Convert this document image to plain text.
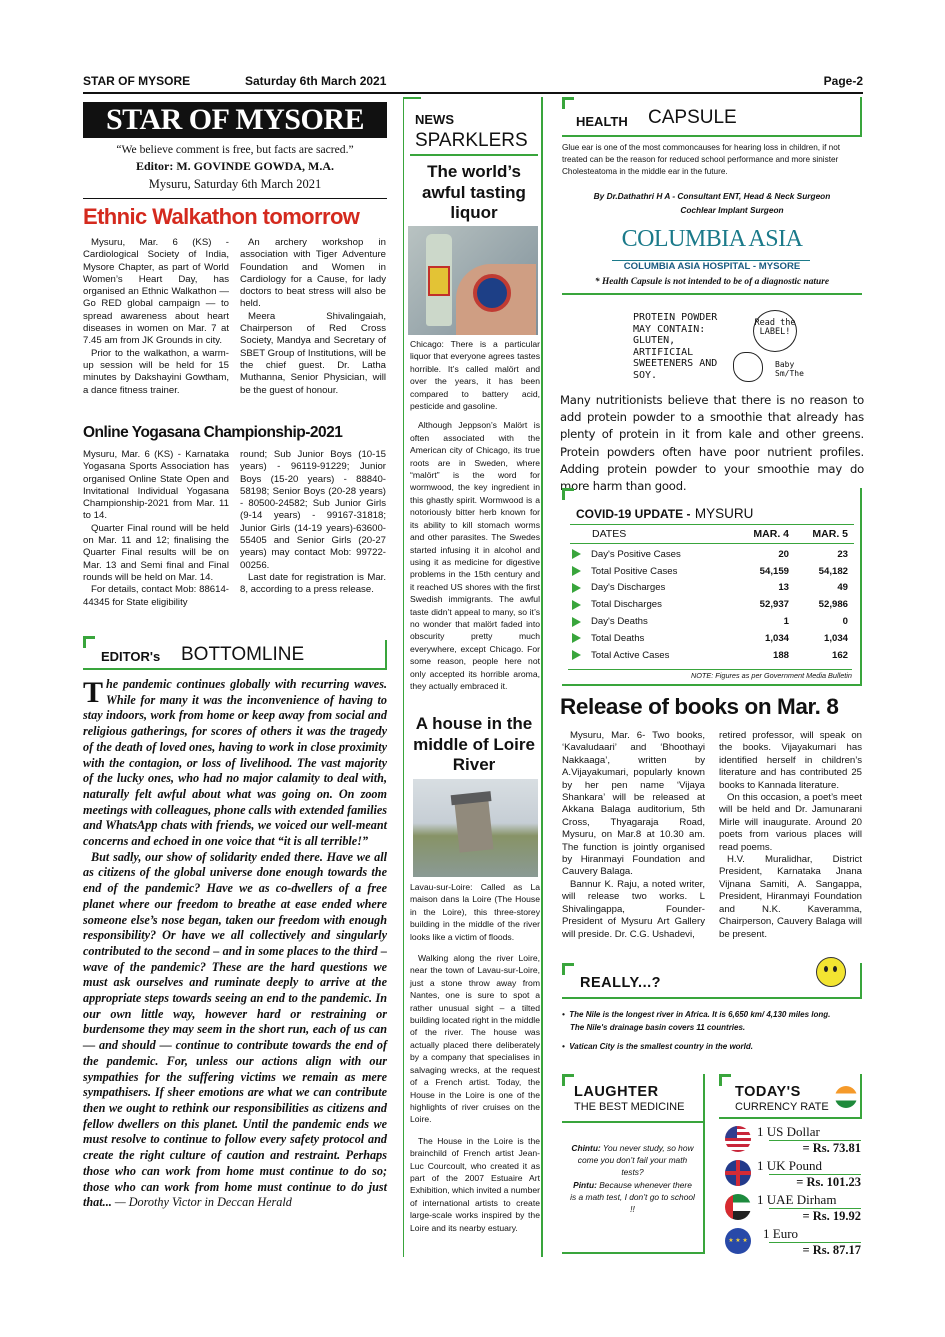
STAR OF MYSORE	Saturday 6th March 2021	Page-2
STAR OF MYSORE
“We believe comment is free, but facts are sacred.”
Editor: M. GOVINDE GOWDA, M.A.
Mysuru, Saturday 6th March 2021
Ethnic Walkathon tomorrow

Mysuru, Mar. 6 (KS) - Cardiological Society of India, Mysore Chapter, as part of World Women’s Heart Day, has organised an Ethnic Walkathon — Go RED global campaign — to spread awareness about heart diseases in women on Mar. 7 at 7.45 am from JK Grounds in city.

Prior to the walkathon, a warm-up session will be held for 15 minutes by Dakshayini Gowtham, a dance fitness trainer.

An archery workshop in association with Tiger Adventure Foundation and Women in Cardiology for a Cause, for lady doctors to beat stress will also be held.

Meera Shivalingaiah, Chairperson of Red Cross Society, Mandya and Secretary of SBET Group of Institutions, will be the chief guest. Dr. Latha Muthanna, Senior Physician, will be the guest of honour.

Online Yogasana Championship-2021

Mysuru, Mar. 6 (KS) - Karnataka Yogasana Sports Association has organised Online State Open and Invitational Individual Yogasana Championship-2021 from Mar. 11 to 14.

Quarter Final round will be held on Mar. 11 and 12; finalising the Quarter Final results will be on Mar. 13 and Semi final and Final rounds will be held on Mar. 14.

For details, contact Mob: 88614-44345 for State eligibility

round; Sub Junior Boys (10-15 years) - 96119-91229; Junior Boys (15-20 years) - 88840-58198; Senior Boys (20-28 years) - 80500-24582; Sub Junior Girls (9-14 years) - 99167-31818; Junior Girls (14-19 years)-63600-55405 and Senior Girls (20-27 years) may contact Mob: 99722-00256.

Last date for registration is Mar. 8, according to a press release.

EDITOR's BOTTOMLINE

The pandemic continues globally with recurring waves. While for many it was the inconvenience of having to stay indoors, work from home or keep away from social and religious gatherings, for scores of others it was the tragedy of the death of loved ones, having to work in close proximity with the contagion, or loss of livelihood. The vast majority of the lucky ones, who had no major calamity to deal with, naturally felt awful about what was going on. On zoom meetings with colleagues, phone calls with extended families and WhatsApp chats with friends, we voiced our well-meant concerns and echoed in one voice that “it is all terrible!”

But sadly, our show of solidarity ended there. Have we all as citizens of the global universe done enough towards the end of the pandemic? Have we as co-dwellers of a free planet where our freedom to breathe at ease ended where someone else’s nose began, taken our freedom with enough responsibility? Or have we all collectively and singularly contributed to the second – and in some places to the third – wave of the pandemic? These are the hard questions we must ask ourselves and ruminate deeply to arrive at the appropriate steps towards seeing an end to the pandemic. In our own little way, however hard or restraining or burdensome they may seem in the short run, each of us can — and should — continue to contribute towards the end of the pandemic. For, unless our actions align with our sympathies for the suffering victims we remain as mere sympathisers. If sheer emotions are what we can contribute then we ought to rethink our responsibilities as citizens and fellow dwellers on this planet. Until the pandemic ends we must resolve to continue to follow every safety protocol and create the right culture of caution and restraint. Perhaps those who can work from home must continue to do so; those who can work from home must continue to do just that... — Dorothy Victor in Deccan Herald

NEWS
SPARKLERS
The world’s awful tasting liquor

Chicago: There is a particular liquor that everyone agrees tastes horrible. It’s called malört and over the years, it has been compared to battery acid, pesticide and gasoline.

Although Jeppson’s Malört is often associated with the American city of Chicago, its true roots are in Sweden, where “malört” is the word for wormwood, the key ingredient in this ghastly spirit. Wormwood is a notoriously bitter herb known for its ability to kill stomach worms and other parasites. The Swedes started infusing it in alcohol and using it as medicine for digestive problems in the 15th century and it reached US shores with the first Swedish immigrants. The awful taste didn’t appeal to many, so it’s no wonder that malört faded into obscurity pretty much everywhere, except Chicago. For some reason, people here not only accepted its horrible aroma, they actually embraced it.

A house in the middle of Loire River

Lavau-sur-Loire: Called as La maison dans la Loire (The House in the Loire), this three-storey building in the middle of the river looks like a victim of floods.

Walking along the river Loire, near the town of Lavau-sur-Loire, just a stone throw away from Nantes, one is sure to spot a rather unusual sight – a tilted building located right in the middle of the river. The house was actually placed there deliberately by a company that specialises in salvaging wrecks, at the request of a French artist. Today, the House in the Loire is one of the highlights of river cruises on the Loire.

The House in the Loire is the brainchild of French artist Jean-Luc Courcoult, who created it as part of the 2007 Estuaire Art Exhibition, which invited a number of international artists to create large-scale works inspired by the Loire and its nearby estuary.

HEALTH CAPSULE
Glue ear is one of the most commoncauses for hearing loss in children, if not treated can be the reason for reduced school performance and more sinister Cholesteatoma in the middle ear in the future.
By Dr.Dathathri H A - Consultant ENT, Head & Neck Surgeon
Cochlear Implant Surgeon
COLUMBIA ASIA
COLUMBIA ASIA HOSPITAL - MYSORE
* Health Capsule is not intended to be of a diagnostic nature
PROTEIN POWDER MAY CONTAIN: GLUTEN, ARTIFICIAL SWEETENERS AND SOY.
Read the LABEL!
Baby Sm/The
Many nutritionists believe that there is no reason to add protein powder to a smoothie that already has plenty of protein in it from kale and other greens. Protein powders often have poor nutrient profiles. Adding protein powder to your smoothie may do more harm than good.
COVID-19 UPDATE - MYSURU
DATES	MAR. 4	MAR. 5
Day's Positive Cases	20	23
Total Positive Cases	54,159	54,182
Day's Discharges	13	49
Total Discharges	52,937	52,986
Day's Deaths	1	0
Total Deaths	1,034	1,034
Total Active Cases	188	162
NOTE: Figures as per Government Media Bulletin
Release of books on Mar. 8

Mysuru, Mar. 6- Two books, ‘Kavaludaari’ and ‘Bhoothayi Nakkaaga’, written by A.Vijayakumari, popularly known by her pen name ‘Vijaya Shankara’ will be released at Akkana Balaga auditorium, 5th Cross, Thyagaraja Road, Mysuru, on Mar.8 at 10.30 am. The function is jointly organised by Hiranmayi Foundation and Cauvery Balaga.

Bannur K. Raju, a noted writer, will release two works. L Shivalingappa, Founder-President of Mysuru Art Gallery will preside. Dr. C.G. Ushadevi,

retired professor, will speak on the books. Vijayakumari has identified herself in children’s literature and has contributed 25 books to Kannada literature.

On this occasion, a poet’s meet will be held and Dr. Jamunarani Mirle will inaugurate. Around 20 poets from various places will read poems.

H.V. Muralidhar, District President, Karnataka Jnana Vijnana Samiti, A. Sangappa, President, Hiranmayi Foundation and N.K. Kaveramma, Chairperson, Cauvery Balaga will be present.

REALLY...?

•  The Nile is the longest river in Africa. It is 6,650 km/ 4,130 miles long.

The Nile's drainage basin covers 11 countries.

•  Vatican City is the smallest country in the world.

LAUGHTER
THE BEST MEDICINE

Chintu: You never study, so how come you don’t fail your math tests?

Pintu: Because whenever there is a math test, I don’t go to school !!

TODAY'S
CURRENCY RATE
1 US Dollar
= Rs. 73.81
1 UK Pound
= Rs. 101.23
1 UAE Dirham
= Rs. 19.92
★ ★ ★ 1 Euro
= Rs. 87.17
